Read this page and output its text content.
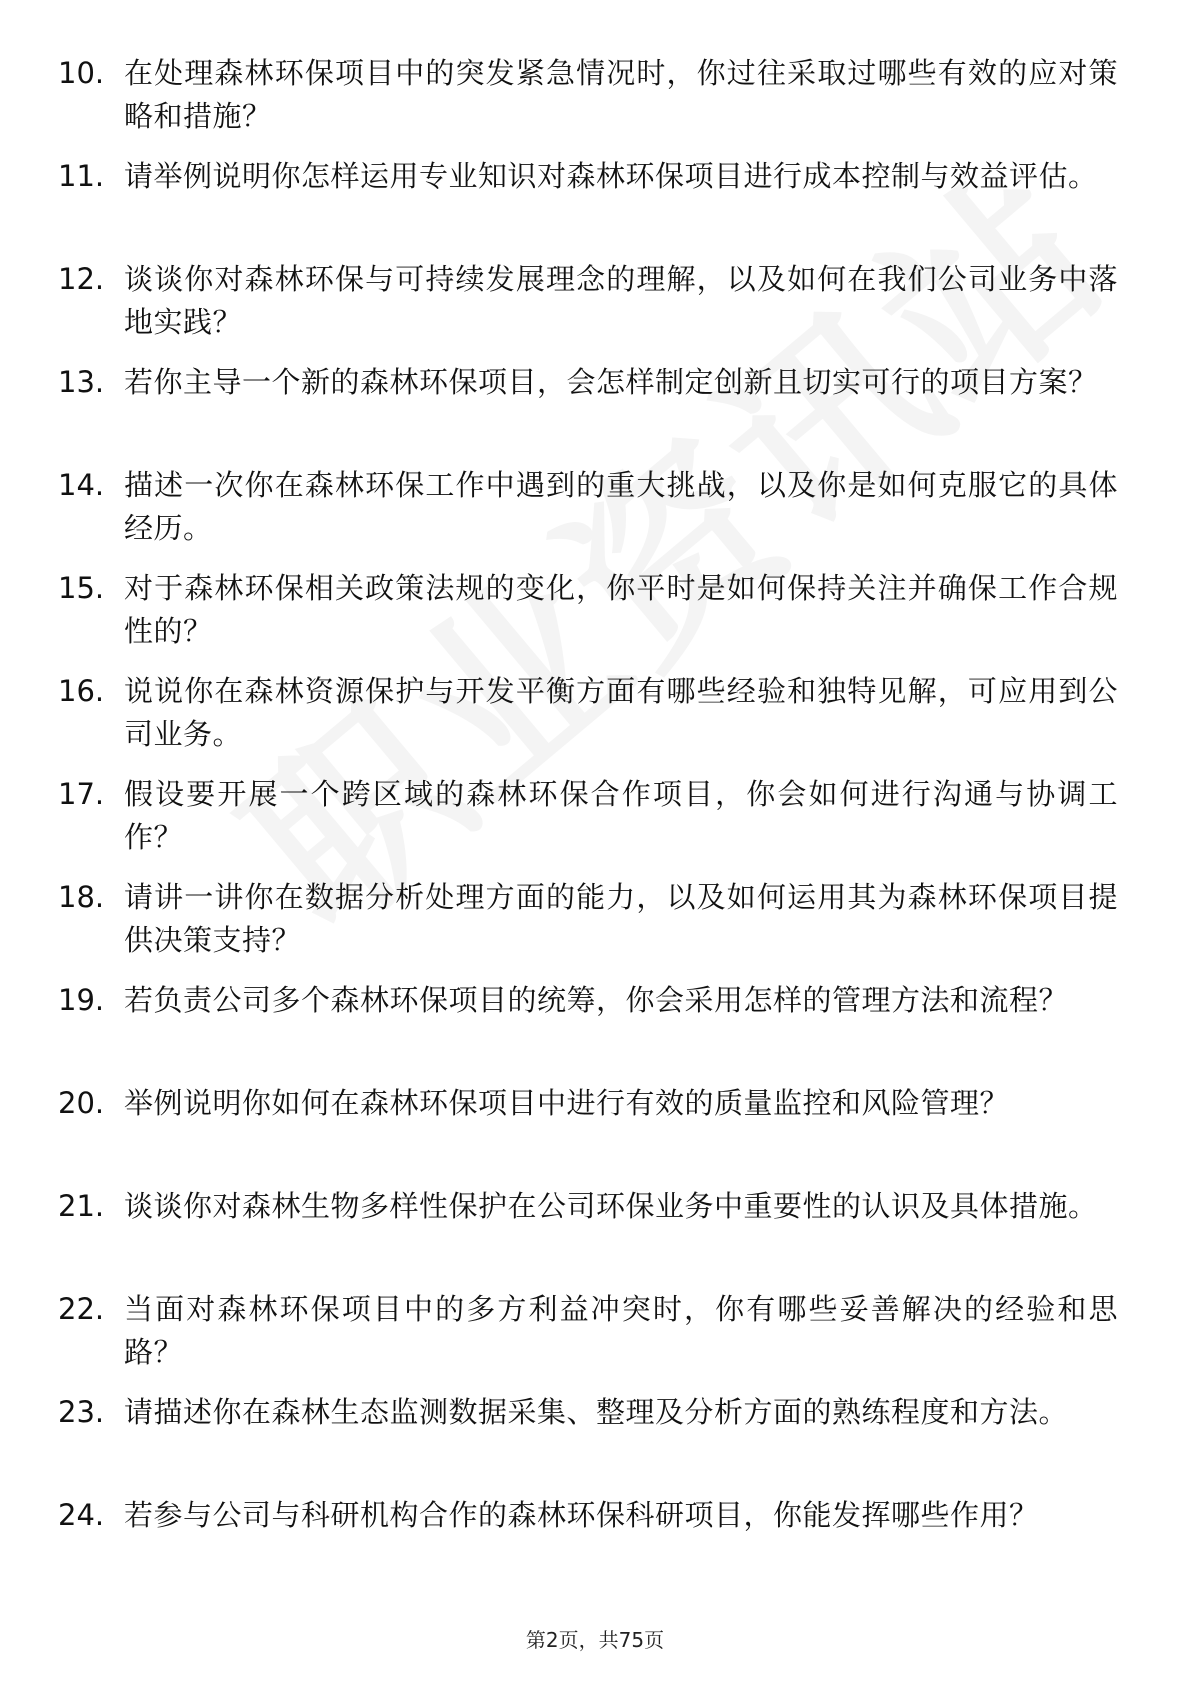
10. 在处理森林环保项目中的突发紧急情况时，你过往采取过哪些有效的应对策略和措施？
11. 请举例说明你怎样运用专业知识对森林环保项目进行成本控制与效益评估。
12. 谈谈你对森林环保与可持续发展理念的理解，以及如何在我们公司业务中落地实践？
13. 若你主导一个新的森林环保项目，会怎样制定创新且切实可行的项目方案？
14. 描述一次你在森林环保工作中遇到的重大挑战，以及你是如何克服它的具体经历。
15. 对于森林环保相关政策法规的变化，你平时是如何保持关注并确保工作合规性的？
16. 说说你在森林资源保护与开发平衡方面有哪些经验和独特见解，可应用到公司业务。
17. 假设要开展一个跨区域的森林环保合作项目，你会如何进行沟通与协调工作？
18. 请讲一讲你在数据分析处理方面的能力，以及如何运用其为森林环保项目提供决策支持？
19. 若负责公司多个森林环保项目的统筹，你会采用怎样的管理方法和流程？
20. 举例说明你如何在森林环保项目中进行有效的质量监控和风险管理？
21. 谈谈你对森林生物多样性保护在公司环保业务中重要性的认识及具体措施。
22. 当面对森林环保项目中的多方利益冲突时，你有哪些妥善解决的经验和思路？
23. 请描述你在森林生态监测数据采集、整理及分析方面的熟练程度和方法。
24. 若参与公司与科研机构合作的森林环保科研项目，你能发挥哪些作用？
第2页，共75页
